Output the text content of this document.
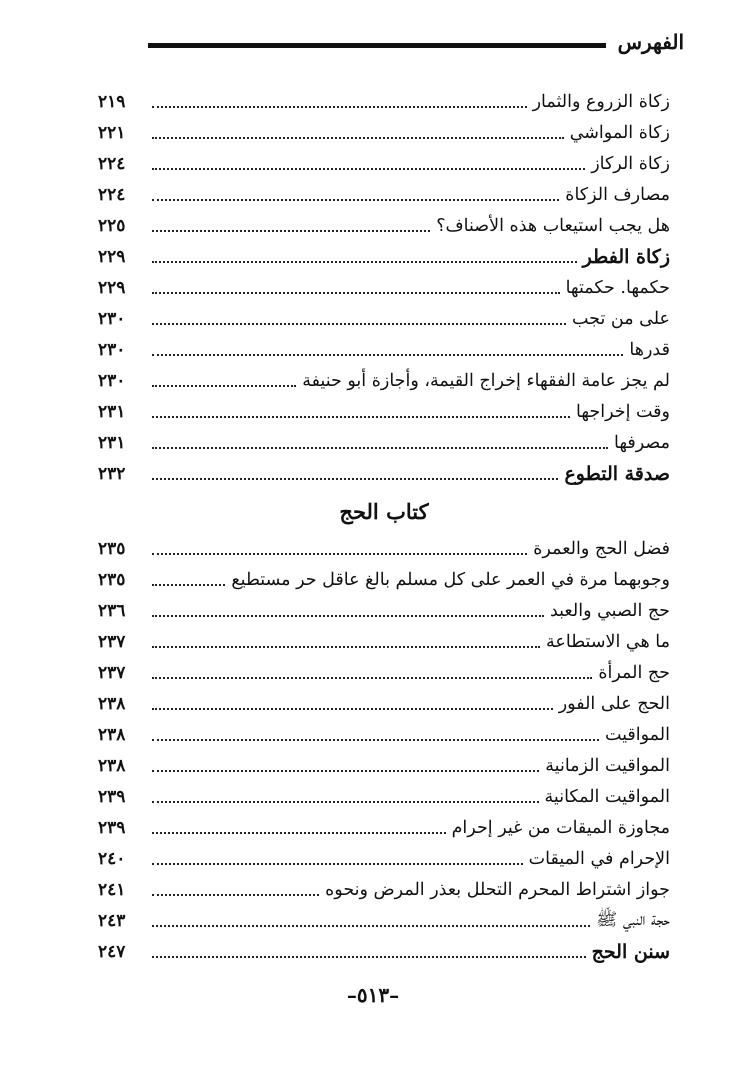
الفهرس
زكاة الزروع والثمار
٢١٩
زكاة المواشي
٢٢١
زكاة الركاز
٢٢٤
مصارف الزكاة
٢٢٤
هل يجب استيعاب هذه الأصناف؟
٢٢٥
زكاة الفطر
٢٢٩
حكمها. حكمتها
٢٢٩
على من تجب
٢٣٠
قدرها
٢٣٠
لم يجز عامة الفقهاء إخراج القيمة، وأجازة أبو حنيفة
٢٣٠
وقت إخراجها
٢٣١
مصرفها
٢٣١
صدقة التطوع
٢٣٢
كتاب الحج
فضل الحج والعمرة
٢٣٥
وجوبهما مرة في العمر على كل مسلم بالغ عاقل حر مستطيع
٢٣٥
حج الصبي والعبد
٢٣٦
ما هي الاستطاعة
٢٣٧
حج المرأة
٢٣٧
الحج على الفور
٢٣٨
المواقيت
٢٣٨
المواقيت الزمانية
٢٣٨
المواقيت المكانية
٢٣٩
مجاوزة الميقات من غير إحرام
٢٣٩
الإحرام في الميقات
٢٤٠
جواز اشتراط المحرم التحلل بعذر المرض ونحوه
٢٤١
حجة النبي ﷺ
٢٤٣
سنن الحج
٢٤٧
–٥١٣–
